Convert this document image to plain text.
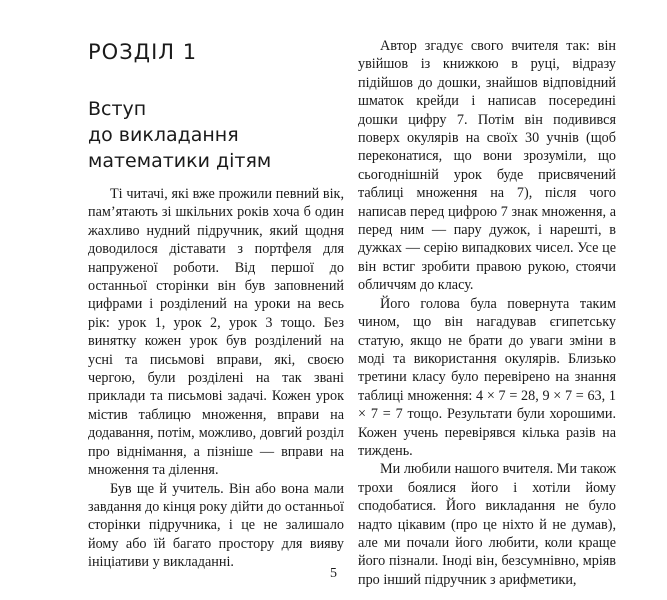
РОЗДІЛ 1
Вступ
до викладання
математики дітям

Ті читачі, які вже прожили певний вік, пам’ятають зі шкільних років хоча б один жахливо нудний підручник, який щодня доводилося діставати з портфеля для напруженої роботи. Від першої до останньої сторінки він був заповнений цифрами і розділений на уроки на весь рік: урок 1, урок 2, урок 3 тощо. Без винятку кожен урок був розділений на усні та письмові вправи, які, своєю чергою, були розділені на так звані приклади та письмові задачі. Кожен урок містив таблицю множення, вправи на додавання, потім, можливо, довгий розділ про віднімання, а пізніше — вправи на множення та ділення.

Був ще й учитель. Він або вона мали завдання до кінця року дійти до останньої сторінки підручника, і це не залишало йому або їй багато простору для вияву ініціативи у викладанні.

Автор згадує свого вчителя так: він увійшов із книжкою в руці, відразу підійшов до дошки, знайшов відповідний шматок крейди і написав посередині дошки цифру 7. Потім він подивився поверх окулярів на своїх 30 учнів (щоб переконатися, що вони зрозуміли, що сьогоднішній урок буде присвячений таблиці множення на 7), після чого написав перед цифрою 7 знак множення, а перед ним — пару дужок, і нарешті, в дужках — серію випадкових чисел. Усе це він встиг зробити правою рукою, стоячи обличчям до класу.

Його голова була повернута таким чином, що він нагадував єгипетську статую, якщо не брати до уваги зміни в моді та використання окулярів. Близько третини класу було перевірено на знання таблиці множення: 4 × 7 = 28, 9 × 7 = 63, 1 × 7 = 7 тощо. Результати були хорошими. Кожен учень перевірявся кілька разів на тиждень.

Ми любили нашого вчителя. Ми також трохи боялися його і хотіли йому сподобатися. Його викладання не було надто цікавим (про це ніхто й не думав), але ми почали його любити, коли краще його пізнали. Іноді він, безсумнівно, мріяв про інший підручник з арифметики,

5
